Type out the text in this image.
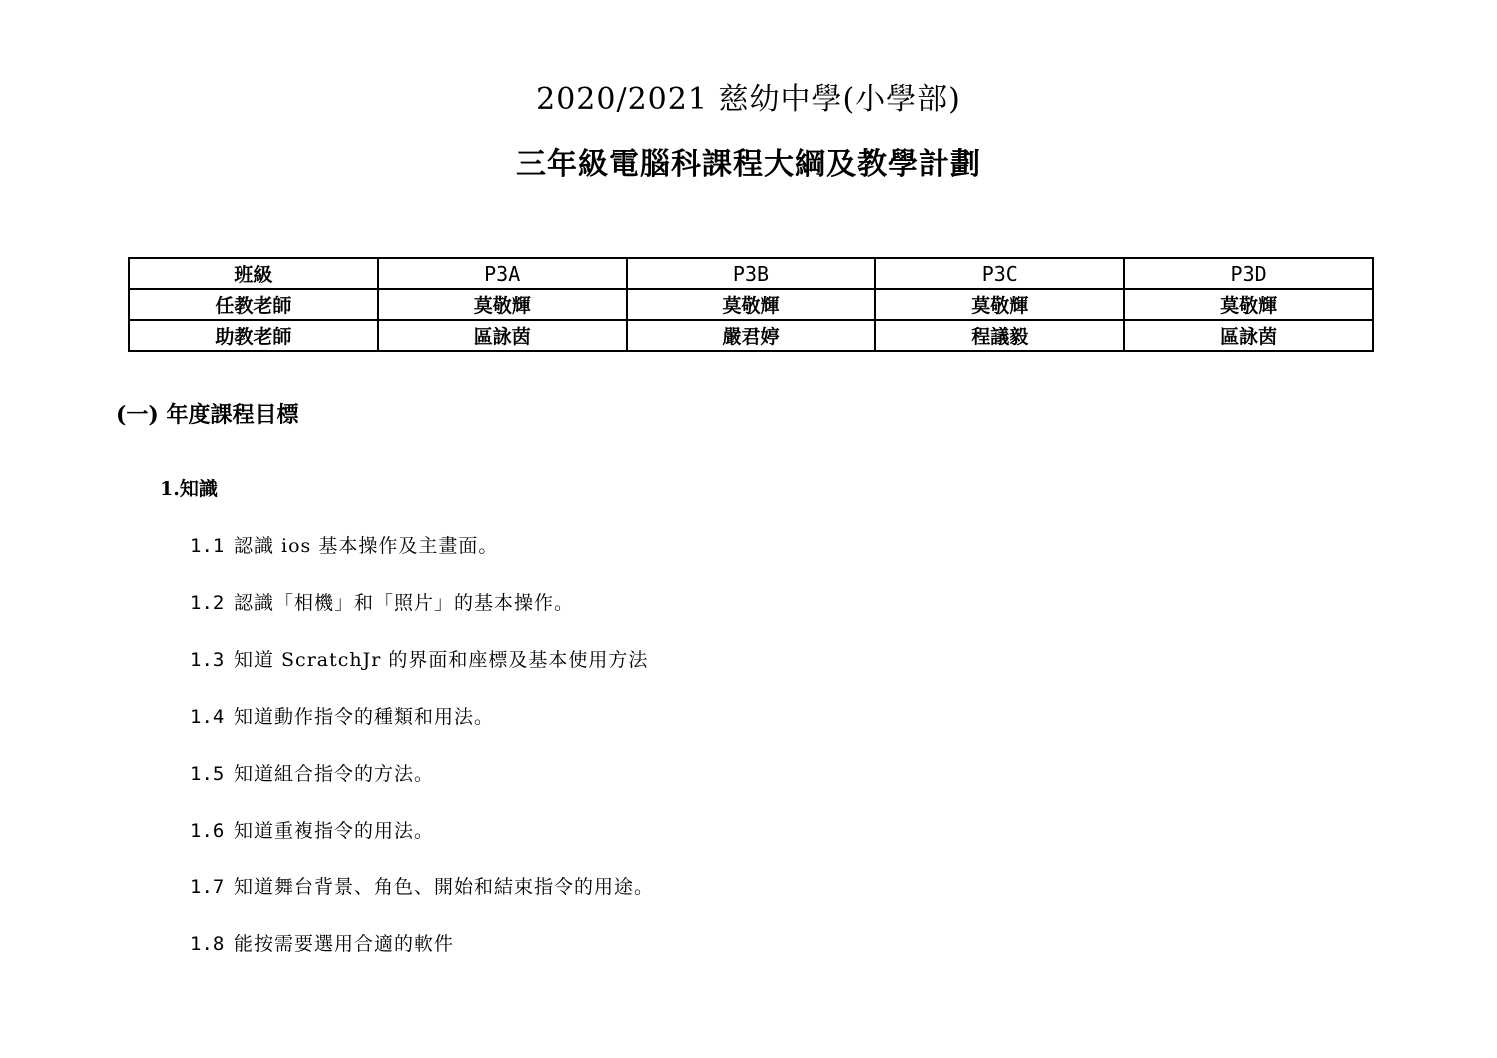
2020/2021 慈幼中學(小學部)
三年級電腦科課程大綱及教學計劃
班級	P3A	P3B	P3C	P3D
任教老師	莫敬輝	莫敬輝	莫敬輝	莫敬輝
助教老師	區詠茵	嚴君婷	程議毅	區詠茵
(一) 年度課程目標
1.知識
1.1 認識 ios 基本操作及主畫面。
1.2 認識「相機」和「照片」的基本操作。
1.3 知道 ScratchJr 的界面和座標及基本使用方法
1.4 知道動作指令的種類和用法。
1.5 知道組合指令的方法。
1.6 知道重複指令的用法。
1.7 知道舞台背景、角色、開始和結束指令的用途。
1.8 能按需要選用合適的軟件
